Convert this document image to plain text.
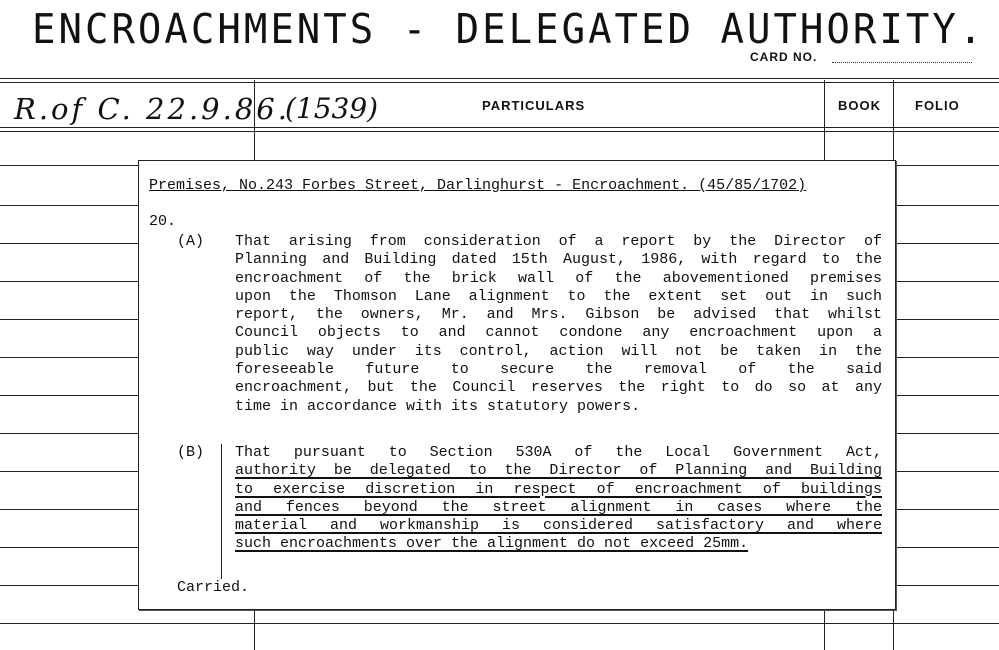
ENCROACHMENTS - DELEGATED AUTHORITY.
CARD NO.
PARTICULARS	BOOK	FOLIO
R.of C. 22.9.86.
(1539)
Premises, No.243 Forbes Street, Darlinghurst - Encroachment. (45/85/1702)
20.
(A) That arising from consideration of a report by the Director of
Planning and Building dated 15th August, 1986, with regard to the
encroachment of the brick wall of the abovementioned premises
upon the Thomson Lane alignment to the extent set out in such
report, the owners, Mr. and Mrs. Gibson be advised that whilst
Council objects to and cannot condone any encroachment upon a
public way under its control, action will not be taken in the
foreseeable future to secure the removal of the said
encroachment, but the Council reserves the right to do so at any
time in accordance with its statutory powers.
(B) That pursuant to Section 530A of the Local Government Act,
authority be delegated to the Director of Planning and Building
to exercise discretion in respect of encroachment of buildings
and fences beyond the street alignment in cases where the
material and workmanship is considered satisfactory and where
such encroachments over the alignment do not exceed 25mm.
Carried.
